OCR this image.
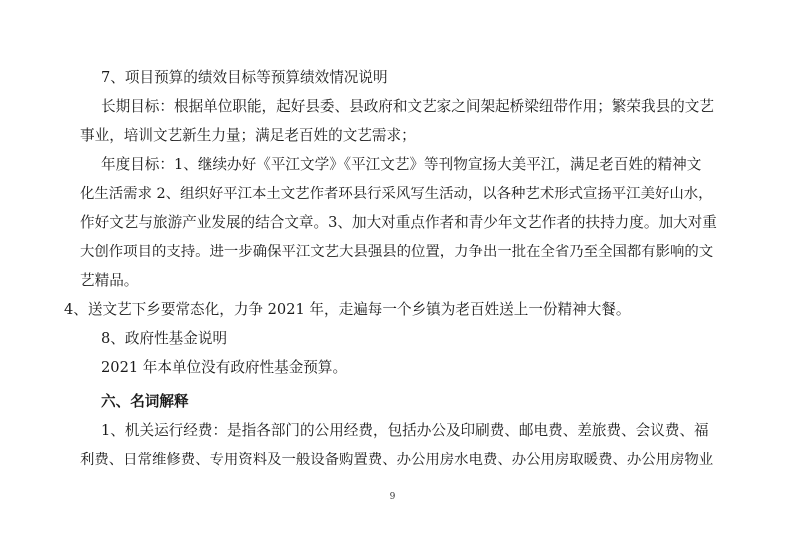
7、项目预算的绩效目标等预算绩效情况说明
长期目标：根据单位职能，起好县委、县政府和文艺家之间架起桥梁纽带作用；繁荣我县的文艺
事业，培训文艺新生力量；满足老百姓的文艺需求；
年度目标：1、继续办好《平江文学》《平江文艺》等刊物宣扬大美平江，满足老百姓的精神文
化生活需求 2、组织好平江本土文艺作者环县行采风写生活动，以各种艺术形式宣扬平江美好山水，
作好文艺与旅游产业发展的结合文章。3、加大对重点作者和青少年文艺作者的扶持力度。加大对重
大创作项目的支持。进一步确保平江文艺大县强县的位置，力争出一批在全省乃至全国都有影响的文
艺精品。
4、送文艺下乡要常态化，力争 2021 年，走遍每一个乡镇为老百姓送上一份精神大餐。
8、政府性基金说明
2021 年本单位没有政府性基金预算。
六、名词解释
1、机关运行经费：是指各部门的公用经费，包括办公及印刷费、邮电费、差旅费、会议费、福
利费、日常维修费、专用资料及一般设备购置费、办公用房水电费、办公用房取暖费、办公用房物业
9
